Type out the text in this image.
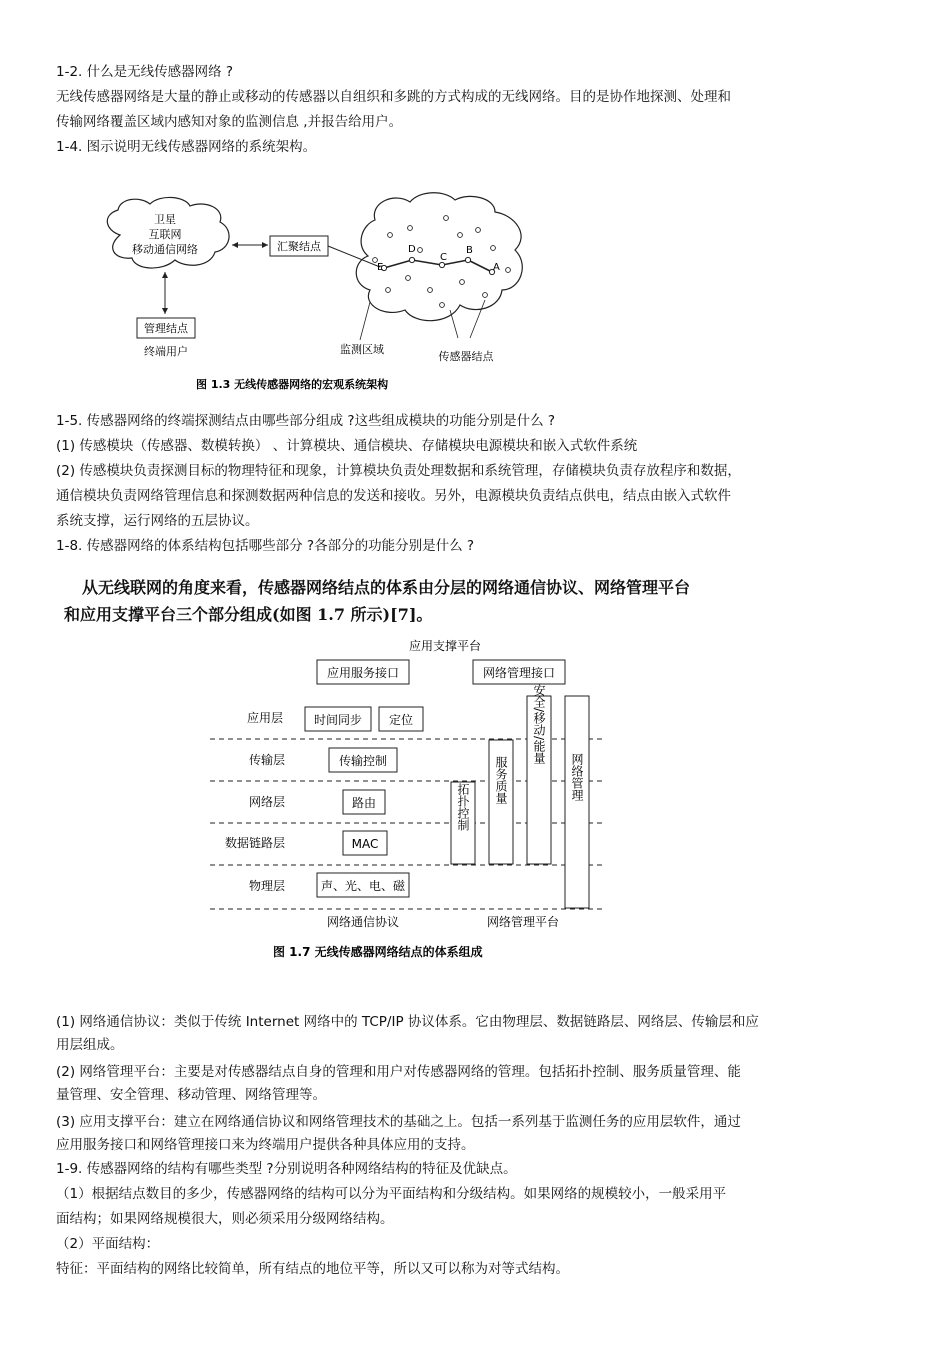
1-2. 什么是无线传感器网络 ?
无线传感器网络是大量的静止或移动的传感器以自组织和多跳的方式构成的无线网络。目的是协作地探测、处理和
传输网络覆盖区域内感知对象的监测信息 ,并报告给用户。
1-4. 图示说明无线传感器网络的系统架构。
卫星
互联网
移动通信网络	汇聚结点
管理结点
终端用户
E
D
C
B
A
监测区域
传感器结点
图 1.3 无线传感器网络的宏观系统架构
1-5. 传感器网络的终端探测结点由哪些部分组成 ?这些组成模块的功能分别是什么 ?
(1) 传感模块（传感器、数模转换） 、计算模块、通信模块、存储模块电源模块和嵌入式软件系统
(2) 传感模块负责探测目标的物理特征和现象，计算模块负责处理数据和系统管理，存储模块负责存放程序和数据，
通信模块负责网络管理信息和探测数据两种信息的发送和接收。另外，电源模块负责结点供电，结点由嵌入式软件
系统支撑，运行网络的五层协议。
1-8. 传感器网络的体系结构包括哪些部分 ?各部分的功能分别是什么 ?
从无线联网的角度来看，传感器网络结点的体系由分层的网络通信协议、网络管理平台
和应用支撑平台三个部分组成(如图 1.7 所示)[7]。
应用支撑平台
应用服务接口	网络管理接口
应用层
传输层
网络层
数据链路层
物理层
时间同步 定位
传输控制
路由
MAC
声、光、电、磁
拓扑控制
服务质量
安全/移动/能量
网络管理
网络通信协议	网络管理平台
图 1.7 无线传感器网络结点的体系组成
(1) 网络通信协议：类似于传统 Internet 网络中的 TCP/IP 协议体系。它由物理层、数据链路层、网络层、传输层和应
用层组成。
(2) 网络管理平台：主要是对传感器结点自身的管理和用户对传感器网络的管理。包括拓扑控制、服务质量管理、能
量管理、安全管理、移动管理、网络管理等。
(3) 应用支撑平台：建立在网络通信协议和网络管理技术的基础之上。包括一系列基于监测任务的应用层软件，通过
应用服务接口和网络管理接口来为终端用户提供各种具体应用的支持。
1-9. 传感器网络的结构有哪些类型 ?分别说明各种网络结构的特征及优缺点。
（1）根据结点数目的多少，传感器网络的结构可以分为平面结构和分级结构。如果网络的规模较小，一般采用平
面结构；如果网络规模很大，则必须采用分级网络结构。
（2）平面结构：
特征：平面结构的网络比较简单，所有结点的地位平等，所以又可以称为对等式结构。
